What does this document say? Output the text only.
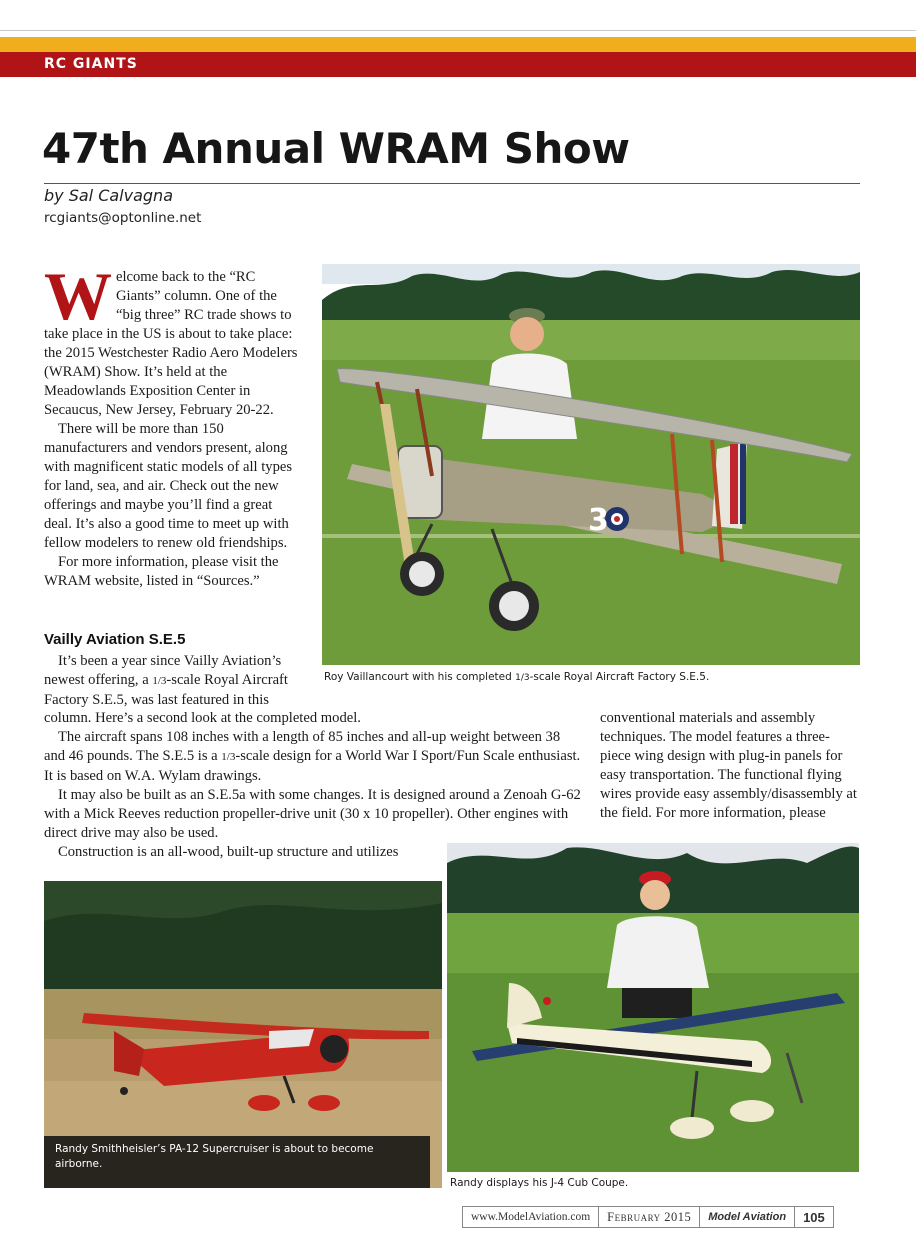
RC GIANTS
47th Annual WRAM Show
by Sal Calvagna
rcgiants@optonline.net

Welcome back to the “RC Giants” column. One of the “big three” RC trade shows to take place in the US is about to take place: the 2015 Westchester Radio Aero Modelers (WRAM) Show. It’s held at the Meadowlands Exposition Center in Secaucus, New Jersey, February 20-22.

There will be more than 150 manufacturers and vendors present, along with magnificent static models of all types for land, sea, and air. Check out the new offerings and maybe you’ll find a great deal. It’s also a good time to meet up with fellow modelers to renew old friendships.

For more information, please visit the WRAM website, listed in “Sources.”

Vailly Aviation S.E.5

It’s been a year since Vailly Aviation’s newest offering, a 1/3-scale Royal Aircraft Factory S.E.5, was last featured in this

column. Here’s a second look at the completed model.

The aircraft spans 108 inches with a length of 85 inches and all-up weight between 38 and 46 pounds. The S.E.5 is a 1/3-scale design for a World War I Sport/Fun Scale enthusiast. It is based on W.A. Wylam drawings.

It may also be built as an S.E.5a with some changes. It is designed around a Zenoah G-62 with a Mick Reeves reduction propeller-drive unit (30 x 10 propeller). Other engines with direct drive may also be used.

Construction is an all-wood, built-up structure and utilizes

conventional materials and assembly techniques. The model features a three-piece wing design with plug-in panels for easy transportation. The functional flying wires provide easy assembly/disassembly at the field. For more information, please

3
Roy Vaillancourt with his completed 1/3-scale Royal Aircraft Factory S.E.5.
Randy Smithheisler’s PA-12 Supercruiser is about to become airborne.
Randy displays his J-4 Cub Coupe.
www.ModelAviation.com	February 2015	Model Aviation	105
